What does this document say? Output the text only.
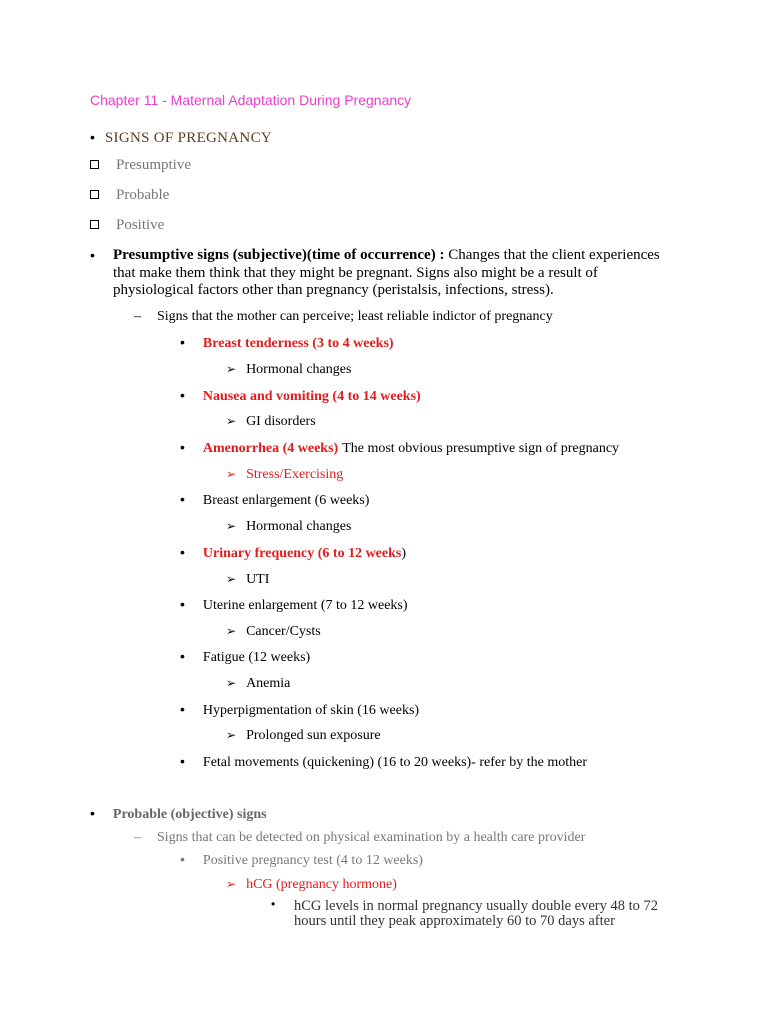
Chapter 11 - Maternal Adaptation During Pregnancy
• SIGNS OF PREGNANCY
Presumptive
Probable
Positive
• Presumptive signs (subjective)(time of occurrence) : Changes that the client experiences that make them think that they might be pregnant. Signs also might be a result of physiological factors other than pregnancy (peristalsis, infections, stress).
– Signs that the mother can perceive; least reliable indictor of pregnancy
• Breast tenderness (3 to 4 weeks)
➢ Hormonal changes
• Nausea and vomiting (4 to 14 weeks)
➢ GI disorders
• Amenorrhea (4 weeks) The most obvious presumptive sign of pregnancy
➢ Stress/Exercising
• Breast enlargement (6 weeks)
➢ Hormonal changes
• Urinary frequency (6 to 12 weeks)
➢ UTI
• Uterine enlargement (7 to 12 weeks)
➢ Cancer/Cysts
• Fatigue (12 weeks)
➢ Anemia
• Hyperpigmentation of skin (16 weeks)
➢ Prolonged sun exposure
• Fetal movements (quickening) (16 to 20 weeks)- refer by the mother
• Probable (objective) signs
– Signs that can be detected on physical examination by a health care provider
• Positive pregnancy test (4 to 12 weeks)
➢ hCG (pregnancy hormone)
• hCG levels in normal pregnancy usually double every 48 to 72 hours until they peak approximately 60 to 70 days after
